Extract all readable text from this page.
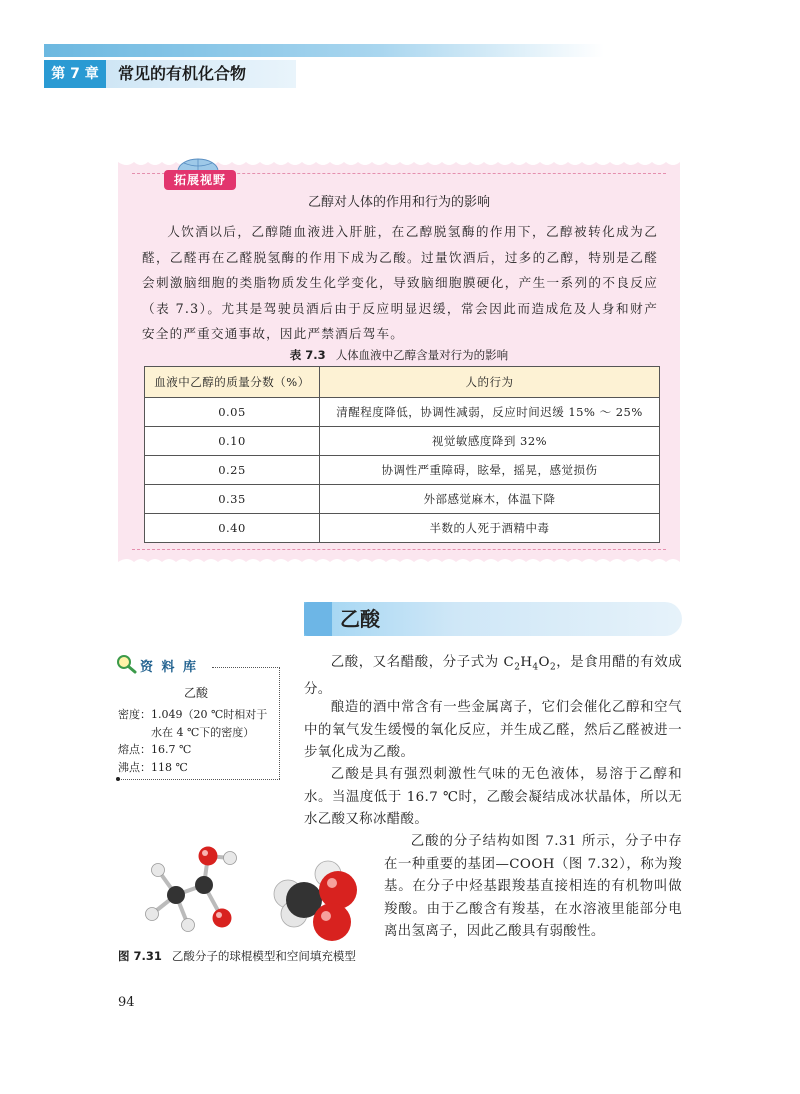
第 7 章	常见的有机化合物
拓展视野
乙醇对人体的作用和行为的影响

人饮酒以后，乙醇随血液进入肝脏，在乙醇脱氢酶的作用下，乙醇被转化成为乙醛，乙醛再在乙醛脱氢酶的作用下成为乙酸。过量饮酒后，过多的乙醇，特别是乙醛会刺激脑细胞的类脂物质发生化学变化，导致脑细胞膜硬化，产生一系列的不良反应（表 7.3）。尤其是驾驶员酒后由于反应明显迟缓，常会因此而造成危及人身和财产安全的严重交通事故，因此严禁酒后驾车。

表 7.3 人体血液中乙醇含量对行为的影响
血液中乙醇的质量分数（%）	人的行为
0.05	清醒程度降低，协调性减弱，反应时间迟缓 15% ～ 25%
0.10	视觉敏感度降到 32%
0.25	协调性严重障碍，眩晕，摇晃，感觉损伤
0.35	外部感觉麻木，体温下降
0.40	半数的人死于酒精中毒
乙酸
资 料 库
乙酸
密度：1.049（20 ℃时相对于
水在 4 ℃下的密度）
熔点：16.7 ℃
沸点：118 ℃

乙酸，又名醋酸，分子式为 $C_2H_4O_2$，是食用醋的有效成分。

酿造的酒中常含有一些金属离子，它们会催化乙醇和空气中的氧气发生缓慢的氧化反应，并生成乙醛，然后乙醛被进一步氧化成为乙酸。

乙酸是具有强烈刺激性气味的无色液体，易溶于乙醇和水。当温度低于 16.7 ℃时，乙酸会凝结成冰状晶体，所以无水乙酸又称冰醋酸。

乙酸的分子结构如图 7.31 所示，分子中存在一种重要的基团—COOH（图 7.32），称为羧基。在分子中烃基跟羧基直接相连的有机物叫做羧酸。由于乙酸含有羧基，在水溶液里能部分电离出氢离子，因此乙酸具有弱酸性。

图 7.31 乙酸分子的球棍模型和空间填充模型
94
